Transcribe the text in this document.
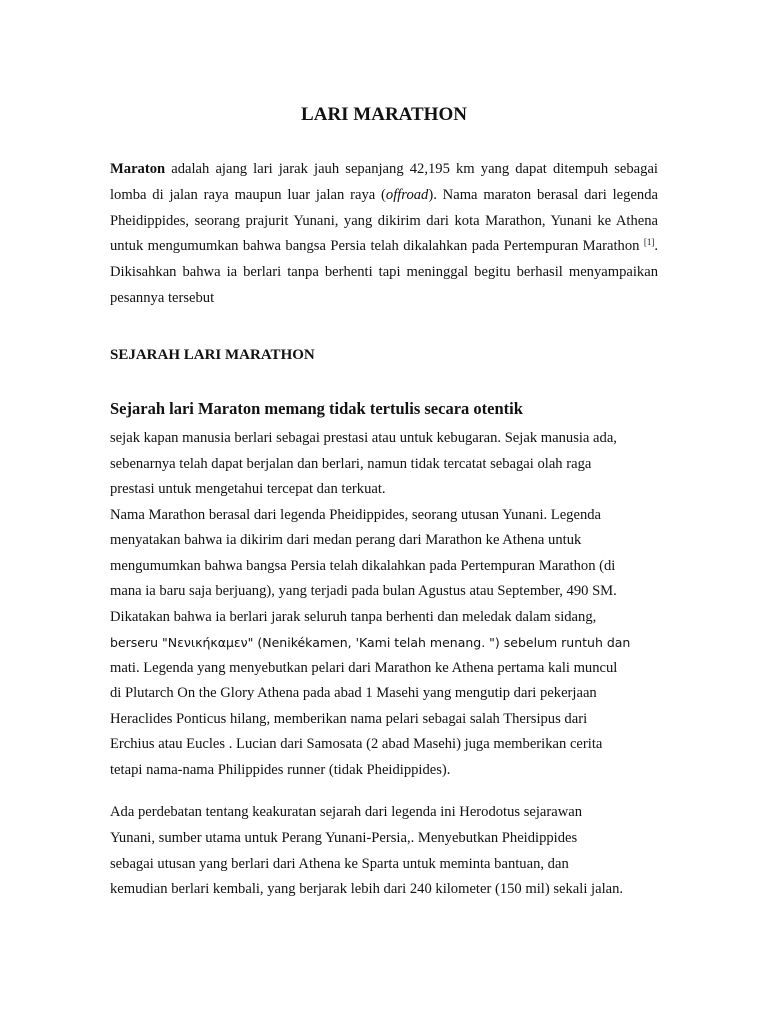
LARI MARATHON

Maraton adalah ajang lari jarak jauh sepanjang 42,195 km yang dapat ditempuh sebagai lomba di jalan raya maupun luar jalan raya (offroad). Nama maraton berasal dari legenda Pheidippides, seorang prajurit Yunani, yang dikirim dari kota Marathon, Yunani ke Athena untuk mengumumkan bahwa bangsa Persia telah dikalahkan pada Pertempuran Marathon [1]. Dikisahkan bahwa ia berlari tanpa berhenti tapi meninggal begitu berhasil menyampaikan pesannya tersebut

SEJARAH LARI MARATHON
Sejarah lari Maraton memang tidak tertulis secara otentik
sejak kapan manusia berlari sebagai prestasi atau untuk kebugaran. Sejak manusia ada,
sebenarnya telah dapat berjalan dan berlari, namun tidak tercatat sebagai olah raga
prestasi untuk mengetahui tercepat dan terkuat.
Nama Marathon berasal dari legenda Pheidippides, seorang utusan Yunani. Legenda
menyatakan bahwa ia dikirim dari medan perang dari Marathon ke Athena untuk
mengumumkan bahwa bangsa Persia telah dikalahkan pada Pertempuran Marathon (di
mana ia baru saja berjuang), yang terjadi pada bulan Agustus atau September, 490 SM.
Dikatakan bahwa ia berlari jarak seluruh tanpa berhenti dan meledak dalam sidang,
berseru "Νενικήκαμεν" (Nenikékamen, 'Kami telah menang. ") sebelum runtuh dan
mati. Legenda yang menyebutkan pelari dari Marathon ke Athena pertama kali muncul
di Plutarch On the Glory Athena pada abad 1 Masehi yang mengutip dari pekerjaan
Heraclides Ponticus hilang, memberikan nama pelari sebagai salah Thersipus dari
Erchius atau Eucles . Lucian dari Samosata (2 abad Masehi) juga memberikan cerita
tetapi nama-nama Philippides runner (tidak Pheidippides).
Ada perdebatan tentang keakuratan sejarah dari legenda ini Herodotus sejarawan
Yunani, sumber utama untuk Perang Yunani-Persia,. Menyebutkan Pheidippides
sebagai utusan yang berlari dari Athena ke Sparta untuk meminta bantuan, dan
kemudian berlari kembali, yang berjarak lebih dari 240 kilometer (150 mil) sekali jalan.
